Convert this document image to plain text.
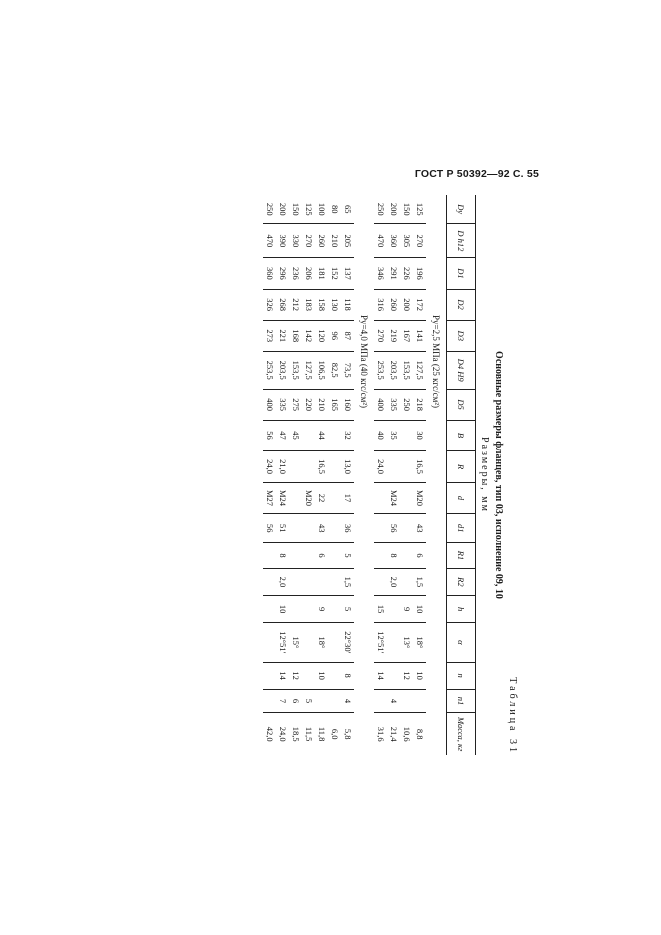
ГОСТ Р 50392—92 С. 55
Таблица 31
Основные размеры фланцев, тип 03, исполнение 09, 10
Размеры, мм
Dу	D h12	D1	D2	D3	D4 H9	D5	B	R	d	d1	R1	R2	h	α	n	n1	Масса, кг
Pу=2,5 МПа (25 кгс/см²)																	
125	270	196	172	141	127,5	218	30	16,5	М20	43	6	1,5	10	18°	10		8,8
150	305	226	200	167	153,5	250							9	13°	12		10,6
200	360	291	260	219	203,5	335	35		М24	56	8	2,0				4	21,4
250	470	346	316	270	253,5	400	40	24,0					15	12°51′	14		31,6
Pу=4,0 МПа (40 кгс/см²)																	
65	205	137	118	87	73,5	160	32	13,0	17	36	5	1,5	5	22°30′	8	4	5,8
80	210	152	130	96	82,5	165											6,0
100	260	181	158	120	106,5	210	44	16,5	22	43	6		9	18°	10		11,8
125	270	206	183	142	127,5	220			М20							5	11,5
150	330	236	212	168	153,5	275	45							15°	12	6	18,5
200	390	296	268	221	203,5	335	47	21,0	М24	51	8	2,0	10	12°51′	14	7	24,0
250	470	360	326	273	253,5	400	56	24,0	М27	56							42,0
